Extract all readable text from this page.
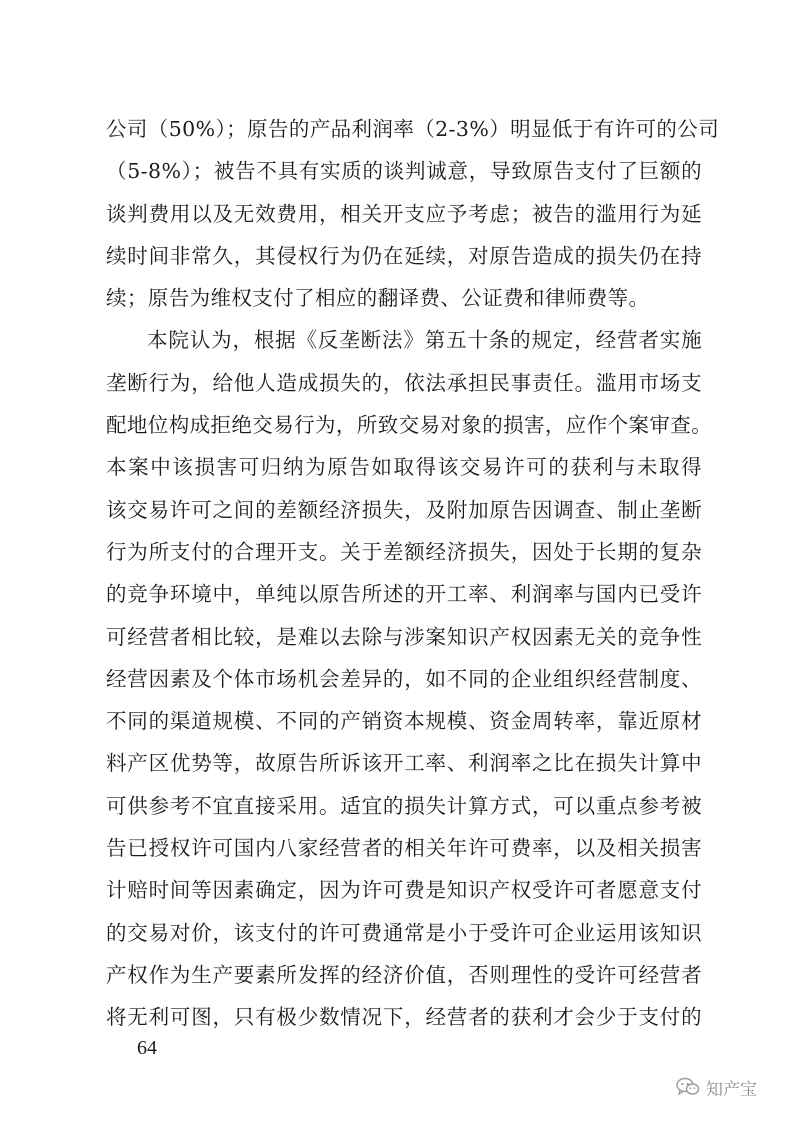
公司（50%）；原告的产品利润率（2-3%）明显低于有许可的公司
（5-8%）；被告不具有实质的谈判诚意，导致原告支付了巨额的
谈判费用以及无效费用，相关开支应予考虑；被告的滥用行为延
续时间非常久，其侵权行为仍在延续，对原告造成的损失仍在持
续；原告为维权支付了相应的翻译费、公证费和律师费等。
本院认为，根据《反垄断法》第五十条的规定，经营者实施
垄断行为，给他人造成损失的，依法承担民事责任。滥用市场支
配地位构成拒绝交易行为，所致交易对象的损害，应作个案审查。
本案中该损害可归纳为原告如取得该交易许可的获利与未取得
该交易许可之间的差额经济损失，及附加原告因调查、制止垄断
行为所支付的合理开支。关于差额经济损失，因处于长期的复杂
的竞争环境中，单纯以原告所述的开工率、利润率与国内已受许
可经营者相比较，是难以去除与涉案知识产权因素无关的竞争性
经营因素及个体市场机会差异的，如不同的企业组织经营制度、
不同的渠道规模、不同的产销资本规模、资金周转率，靠近原材
料产区优势等，故原告所诉该开工率、利润率之比在损失计算中
可供参考不宜直接采用。适宜的损失计算方式，可以重点参考被
告已授权许可国内八家经营者的相关年许可费率，以及相关损害
计赔时间等因素确定，因为许可费是知识产权受许可者愿意支付
的交易对价，该支付的许可费通常是小于受许可企业运用该知识
产权作为生产要素所发挥的经济价值，否则理性的受许可经营者
将无利可图，只有极少数情况下，经营者的获利才会少于支付的
64
知产宝
